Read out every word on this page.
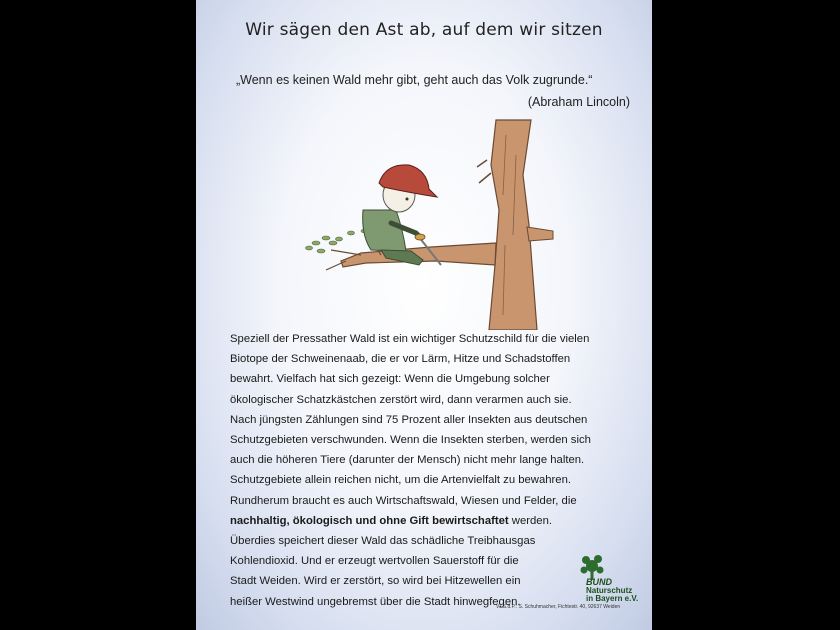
Wir sägen den Ast ab, auf dem wir sitzen
„Wenn es keinen Wald mehr gibt, geht auch das Volk zugrunde.“
(Abraham Lincoln)
Speziell der Pressather Wald ist ein wichtiger Schutzschild für die vielen
Biotope der Schweinenaab, die er vor Lärm, Hitze und Schadstoffen
bewahrt. Vielfach hat sich gezeigt: Wenn die Umgebung solcher
ökologischer Schatzkästchen zerstört wird, dann verarmen auch sie.
Nach jüngsten Zählungen sind 75 Prozent aller Insekten aus deutschen
Schutzgebieten verschwunden. Wenn die Insekten sterben, werden sich
auch die höheren Tiere (darunter der Mensch) nicht mehr lange halten.
Schutzgebiete allein reichen nicht, um die Artenvielfalt zu bewahren.
Rundherum braucht es auch Wirtschaftswald, Wiesen und Felder, die
nachhaltig, ökologisch und ohne Gift bewirtschaftet werden.
Überdies speichert dieser Wald das schädliche Treibhausgas
Kohlendioxid. Und er erzeugt wertvollen Sauerstoff für die
Stadt Weiden. Wird er zerstört, so wird bei Hitzewellen ein
heißer Westwind ungebremst über die Stadt hinwegfegen.
BUND
Naturschutz
in Bayern e.V.
V.i.S.d.P.: S. Schuhmacher, Fichtestr. 40, 92637 Weiden
